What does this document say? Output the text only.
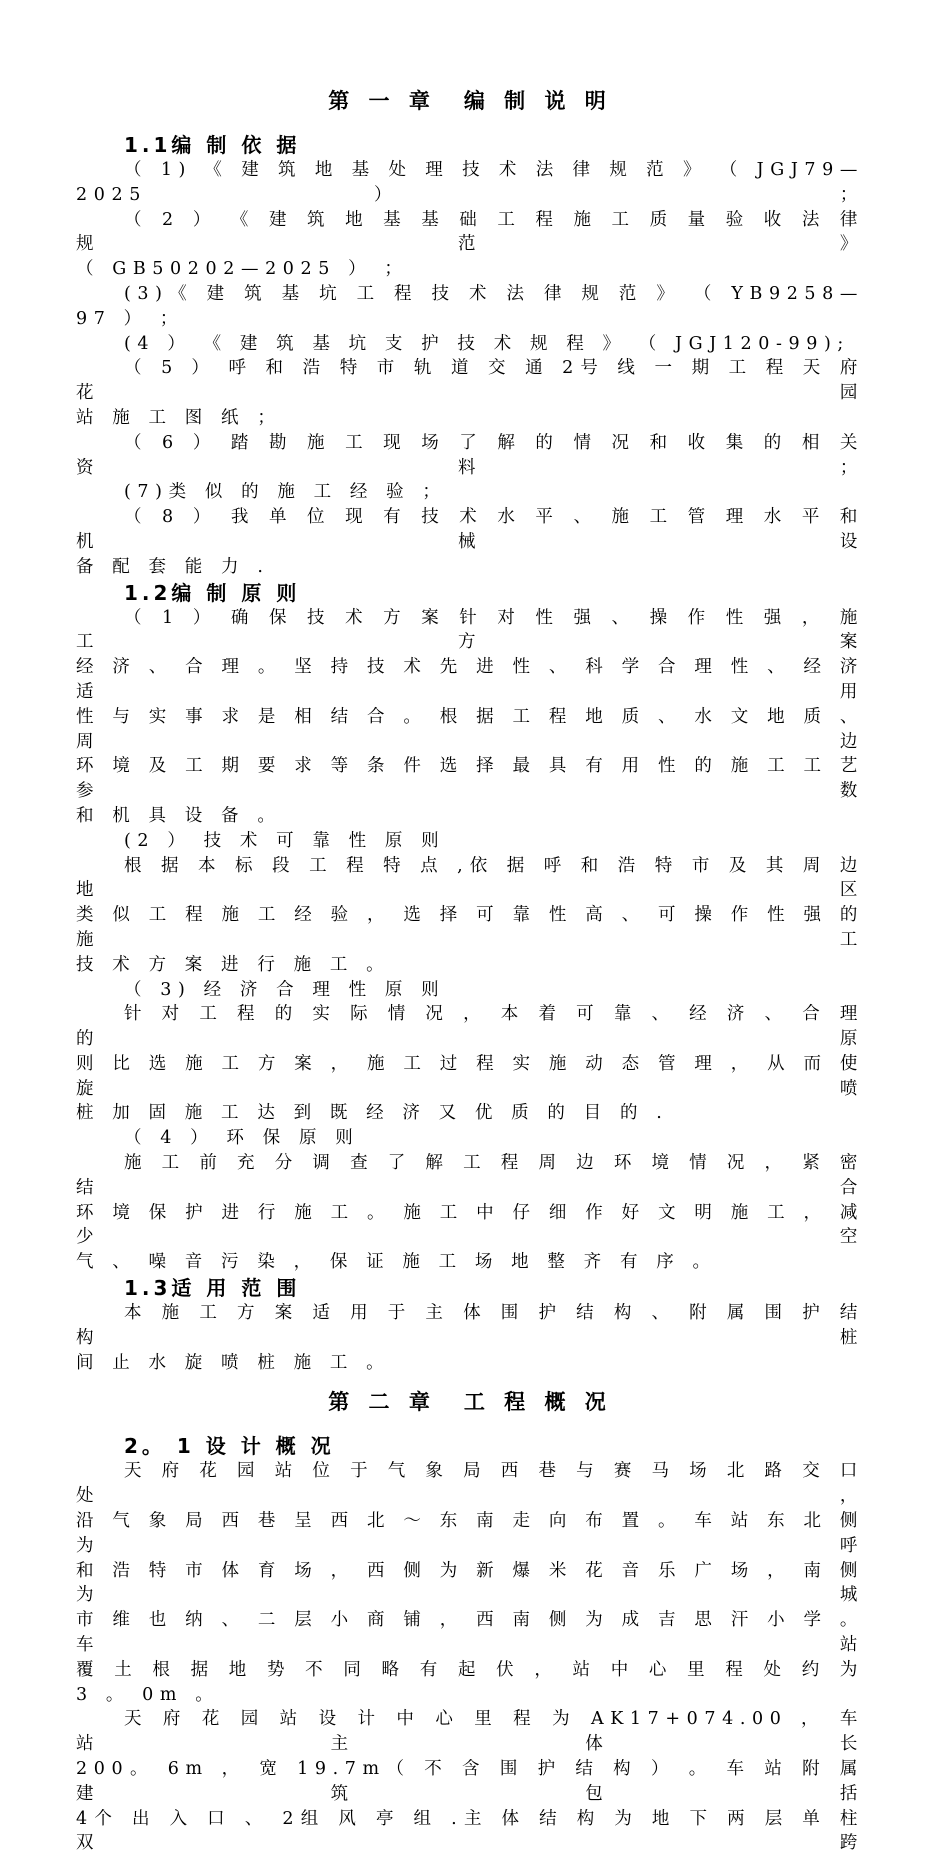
第 一 章 编 制 说 明
1.1编 制 依 据

（ 1) 《 建 筑 地 基 处 理 技 术 法 律 规 范 》 （ JGJ79—2025 ） ；

（ 2 ） 《 建 筑 地 基 基 础 工 程 施 工 质 量 验 收 法 律 规 范 》

（ GB50202—2025 ） ；

(3)《 建 筑 基 坑 工 程 技 术 法 律 规 范 》 （ YB9258—97 ） ；

(4 ） 《 建 筑 基 坑 支 护 技 术 规 程 》 （ JGJ120-99);

（ 5 ） 呼 和 浩 特 市 轨 道 交 通 2号 线 一 期 工 程 天 府 花 园

站 施 工 图 纸 ；

（ 6 ） 踏 勘 施 工 现 场 了 解 的 情 况 和 收 集 的 相 关 资 料 ；

(7)类 似 的 施 工 经 验 ；

（ 8 ） 我 单 位 现 有 技 术 水 平 、 施 工 管 理 水 平 和 机 械 设

备 配 套 能 力 .

1.2编 制 原 则

（ 1 ） 确 保 技 术 方 案 针 对 性 强 、 操 作 性 强 ， 施 工 方 案

经 济 、 合 理 。 坚 持 技 术 先 进 性 、 科 学 合 理 性 、 经 济 适 用

性 与 实 事 求 是 相 结 合 。 根 据 工 程 地 质 、 水 文 地 质 、 周 边

环 境 及 工 期 要 求 等 条 件 选 择 最 具 有 用 性 的 施 工 工 艺 参 数

和 机 具 设 备 。

(2 ） 技 术 可 靠 性 原 则

根 据 本 标 段 工 程 特 点 ,依 据 呼 和 浩 特 市 及 其 周 边 地 区

类 似 工 程 施 工 经 验 ， 选 择 可 靠 性 高 、 可 操 作 性 强 的 施 工

技 术 方 案 进 行 施 工 。

（ 3) 经 济 合 理 性 原 则

针 对 工 程 的 实 际 情 况 ， 本 着 可 靠 、 经 济 、 合 理 的 原

则 比 选 施 工 方 案 ， 施 工 过 程 实 施 动 态 管 理 ， 从 而 使 旋 喷

桩 加 固 施 工 达 到 既 经 济 又 优 质 的 目 的 .

（ 4 ） 环 保 原 则

施 工 前 充 分 调 查 了 解 工 程 周 边 环 境 情 况 ， 紧 密 结 合

环 境 保 护 进 行 施 工 。 施 工 中 仔 细 作 好 文 明 施 工 ， 减 少 空

气 、 噪 音 污 染 ， 保 证 施 工 场 地 整 齐 有 序 。

1.3适 用 范 围

本 施 工 方 案 适 用 于 主 体 围 护 结 构 、 附 属 围 护 结 构 桩

间 止 水 旋 喷 桩 施 工 。

第 二 章 工 程 概 况
2。 1 设 计 概 况

天 府 花 园 站 位 于 气 象 局 西 巷 与 赛 马 场 北 路 交 口 处 ，

沿 气 象 局 西 巷 呈 西 北 ～ 东 南 走 向 布 置 。 车 站 东 北 侧 为 呼

和 浩 特 市 体 育 场 ， 西 侧 为 新 爆 米 花 音 乐 广 场 ， 南 侧 为 城

市 维 也 纳 、 二 层 小 商 铺 ， 西 南 侧 为 成 吉 思 汗 小 学 。 车 站

覆 土 根 据 地 势 不 同 略 有 起 伏 ， 站 中 心 里 程 处 约 为

3 。 0m 。

天 府 花 园 站 设 计 中 心 里 程 为 AK17+074.00 ， 车 站 主 体 长

200。 6m ， 宽 19.7m（ 不 含 围 护 结 构 ） 。 车 站 附 属 建 筑 包 括

4个 出 入 口 、 2组 风 亭 组 .主 体 结 构 为 地 下 两 层 单 柱 双 跨
